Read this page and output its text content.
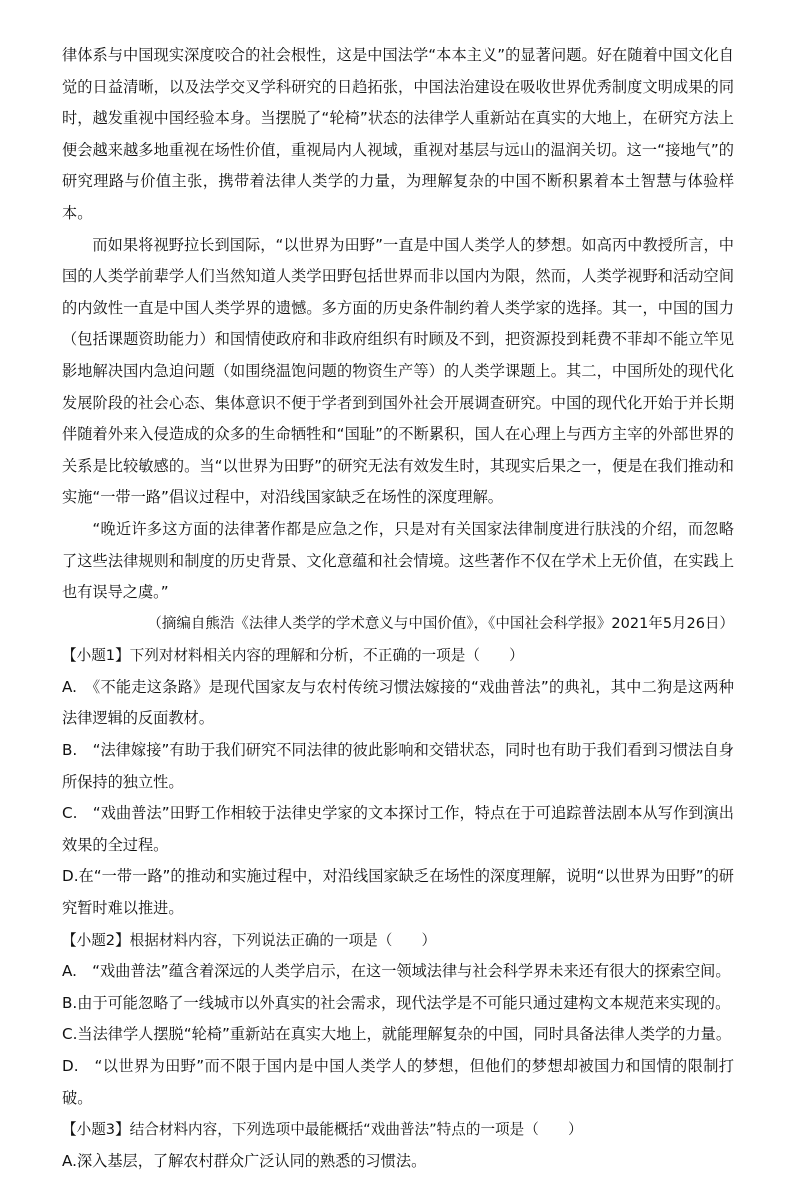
律体系与中国现实深度咬合的社会根性，这是中国法学“本本主义”的显著问题。好在随着中国文化自觉的日益清晰，以及法学交叉学科研究的日趋拓张，中国法治建设在吸收世界优秀制度文明成果的同时，越发重视中国经验本身。当摆脱了“轮椅”状态的法律学人重新站在真实的大地上，在研究方法上便会越来越多地重视在场性价值，重视局内人视域，重视对基层与远山的温润关切。这一“接地气”的研究理路与价值主张，携带着法律人类学的力量，为理解复杂的中国不断积累着本土智慧与体验样本。

而如果将视野拉长到国际，“以世界为田野”一直是中国人类学人的梦想。如高丙中教授所言，中国的人类学前辈学人们当然知道人类学田野包括世界而非以国内为限，然而，人类学视野和活动空间的内敛性一直是中国人类学界的遗憾。多方面的历史条件制约着人类学家的选择。其一，中国的国力（包括课题资助能力）和国情使政府和非政府组织有时顾及不到，把资源投到耗费不菲却不能立竿见影地解决国内急迫问题（如围绕温饱问题的物资生产等）的人类学课题上。其二，中国所处的现代化发展阶段的社会心态、集体意识不便于学者到到国外社会开展调查研究。中国的现代化开始于并长期伴随着外来入侵造成的众多的生命牺牲和“国耻”的不断累积，国人在心理上与西方主宰的外部世界的关系是比较敏感的。当“以世界为田野”的研究无法有效发生时，其现实后果之一，便是在我们推动和实施“一带一路”倡议过程中，对沿线国家缺乏在场性的深度理解。

“晚近许多这方面的法律著作都是应急之作，只是对有关国家法律制度进行肤浅的介绍，而忽略了这些法律规则和制度的历史背景、文化意蕴和社会情境。这些著作不仅在学术上无价值，在实践上也有误导之虞。”

（摘编自熊浩《法律人类学的学术意义与中国价值》，《中国社会科学报》2021年5月26日）

【小题1】下列对材料相关内容的理解和分析，不正确的一项是（　　）

A.　《不能走这条路》是现代国家友与农村传统习惯法嫁接的“戏曲普法”的典礼，其中二狗是这两种法律逻辑的反面教材。

B.　“法律嫁接”有助于我们研究不同法律的彼此影响和交错状态，同时也有助于我们看到习惯法自身所保持的独立性。

C.　“戏曲普法”田野工作相较于法律史学家的文本探讨工作，特点在于可追踪普法剧本从写作到演出效果的全过程。

D.在“一带一路”的推动和实施过程中，对沿线国家缺乏在场性的深度理解，说明“以世界为田野”的研究暂时难以推进。

【小题2】根据材料内容，下列说法正确的一项是（　　）

A.　“戏曲普法”蕴含着深远的人类学启示，在这一领域法律与社会科学界未来还有很大的探索空间。

B.由于可能忽略了一线城市以外真实的社会需求，现代法学是不可能只通过建构文本规范来实现的。

C.当法律学人摆脱“轮椅”重新站在真实大地上，就能理解复杂的中国，同时具备法律人类学的力量。

D.　“以世界为田野”而不限于国内是中国人类学人的梦想，但他们的梦想却被国力和国情的限制打破。

【小题3】结合材料内容，下列选项中最能概括“戏曲普法”特点的一项是（　　）

A.深入基层，了解农村群众广泛认同的熟悉的习惯法。
